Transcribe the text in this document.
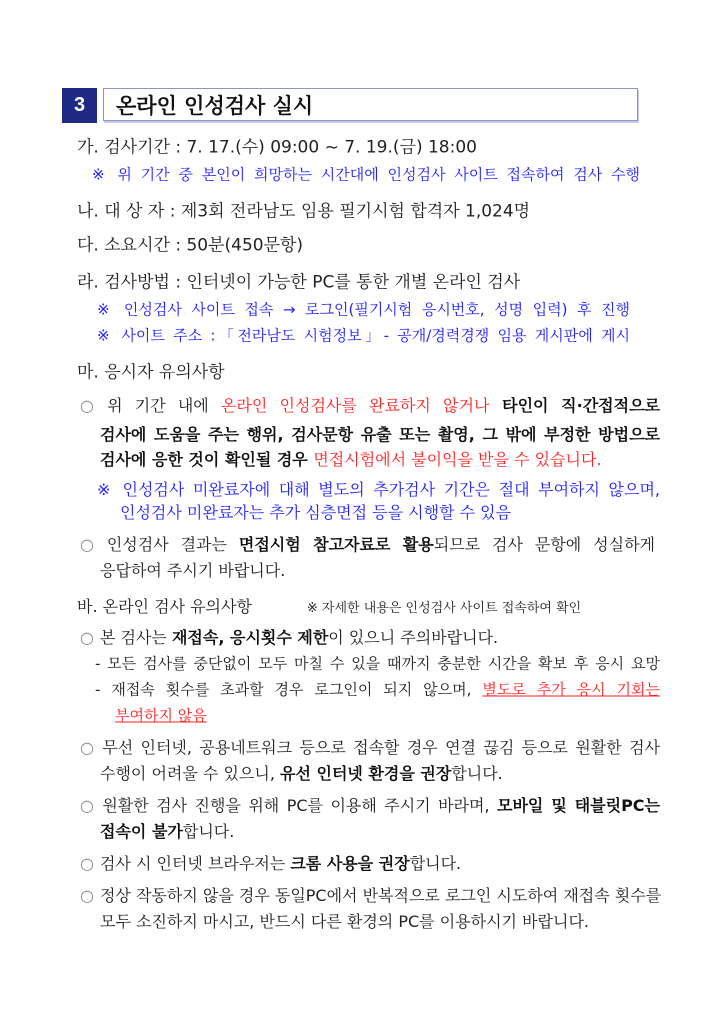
3	온라인 인성검사 실시
가. 검사기간 : 7. 17.(수) 09:00 ~ 7. 19.(금) 18:00
※ 위 기간 중 본인이 희망하는 시간대에 인성검사 사이트 접속하여 검사 수행
나. 대 상 자 : 제3회 전라남도 임용 필기시험 합격자 1,024명
다. 소요시간 : 50분(450문항)
라. 검사방법 : 인터넷이 가능한 PC를 통한 개별 온라인 검사
※ 인성검사 사이트 접속 → 로그인(필기시험 응시번호, 성명 입력) 후 진행
※ 사이트 주소 :「전라남도 시험정보」- 공개/경력경쟁 임용 게시판에 게시
마. 응시자 유의사항
○ 위 기간 내에 온라인 인성검사를 완료하지 않거나 타인이 직·간접적으로
검사에 도움을 주는 행위, 검사문항 유출 또는 촬영, 그 밖에 부정한 방법으로
검사에 응한 것이 확인될 경우 면접시험에서 불이익을 받을 수 있습니다.
※ 인성검사 미완료자에 대해 별도의 추가검사 기간은 절대 부여하지 않으며,
인성검사 미완료자는 추가 심층면접 등을 시행할 수 있음
○ 인성검사 결과는 면접시험 참고자료로 활용되므로 검사 문항에 성실하게
응답하여 주시기 바랍니다.
바. 온라인 검사 유의사항	※ 자세한 내용은 인성검사 사이트 접속하여 확인
○ 본 검사는 재접속, 응시횟수 제한이 있으니 주의바랍니다.
- 모든 검사를 중단없이 모두 마칠 수 있을 때까지 충분한 시간을 확보 후 응시 요망
- 재접속 횟수를 초과할 경우 로그인이 되지 않으며, 별도로 추가 응시 기회는
부여하지 않음
○ 무선 인터넷, 공용네트워크 등으로 접속할 경우 연결 끊김 등으로 원활한 검사
수행이 어려울 수 있으니, 유선 인터넷 환경을 권장합니다.
○ 원활한 검사 진행을 위해 PC를 이용해 주시기 바라며, 모바일 및 태블릿PC는
접속이 불가합니다.
○ 검사 시 인터넷 브라우저는 크롬 사용을 권장합니다.
○ 정상 작동하지 않을 경우 동일PC에서 반복적으로 로그인 시도하여 재접속 횟수를
모두 소진하지 마시고, 반드시 다른 환경의 PC를 이용하시기 바랍니다.
